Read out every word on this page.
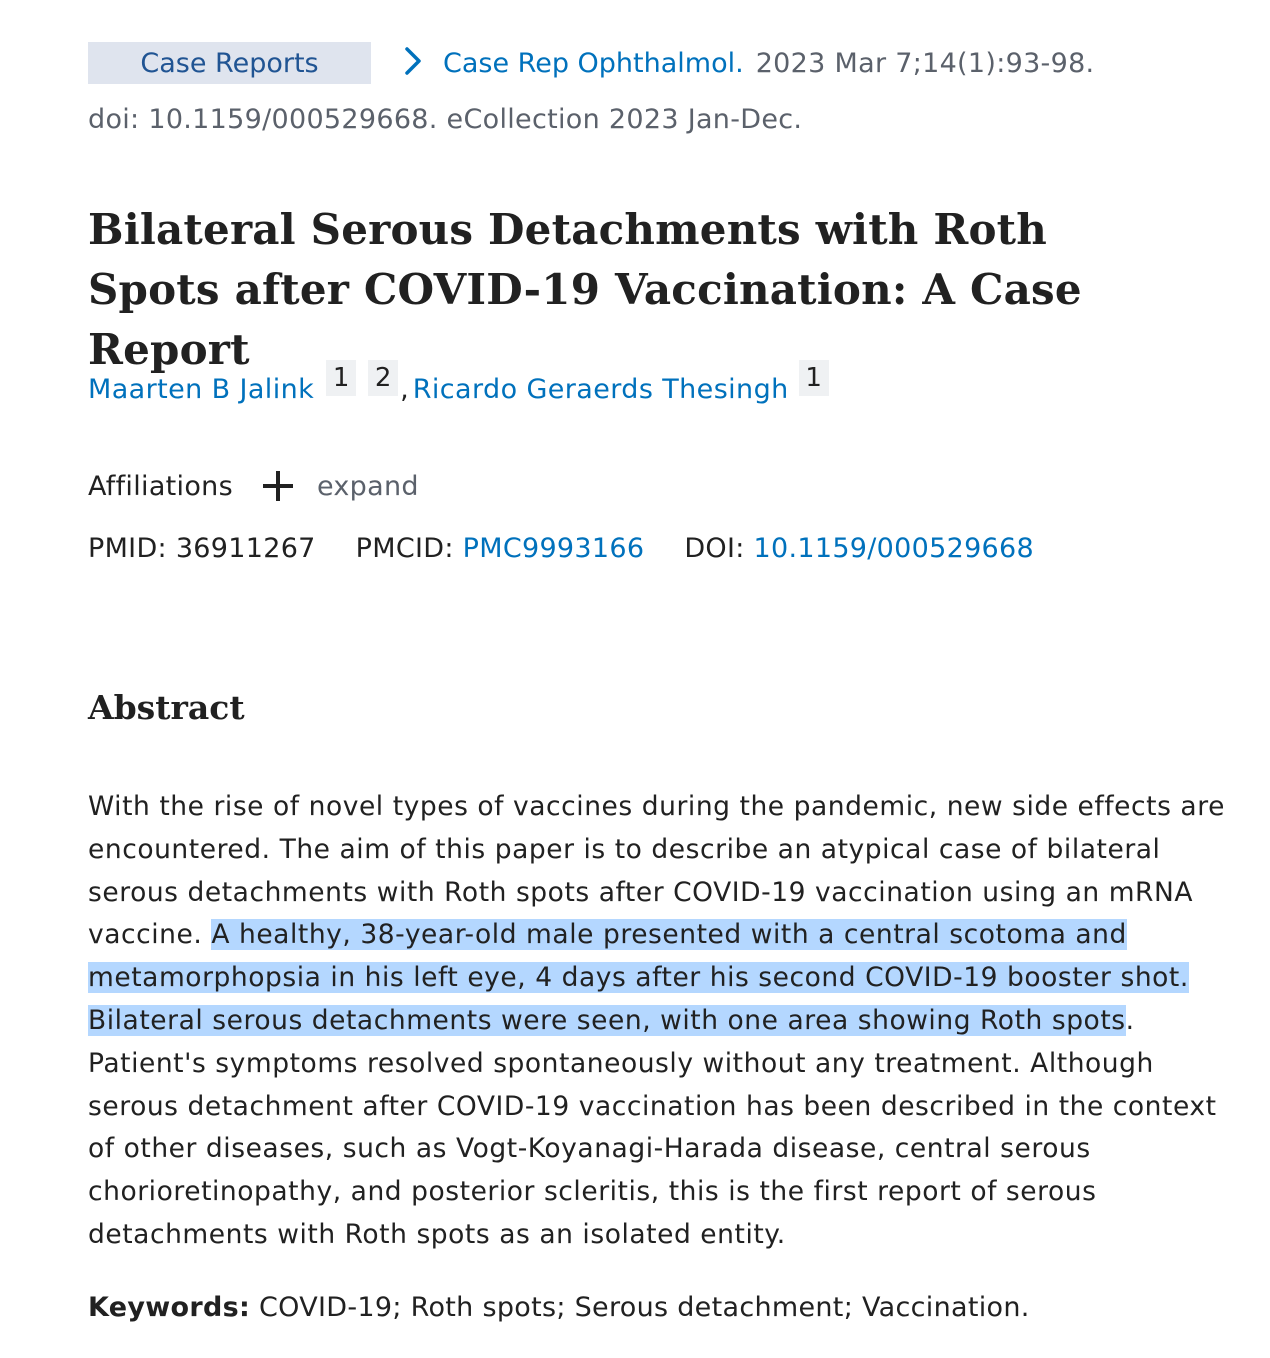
Case Reports	Case Rep Ophthalmol. 2023 Mar 7;14(1):93-98.
doi: 10.1159/000529668. eCollection 2023 Jan-Dec.
Bilateral Serous Detachments with Roth Spots after COVID-19 Vaccination: A Case Report
Maarten B Jalink 1 2 , Ricardo Geraerds Thesingh 1
Affiliations	expand
PMID: 36911267 PMCID: PMC9993166 DOI: 10.1159/000529668
Abstract

With the rise of novel types of vaccines during the pandemic, new side effects are encountered. The aim of this paper is to describe an atypical case of bilateral serous detachments with Roth spots after COVID-19 vaccination using an mRNA vaccine. A healthy, 38-year-old male presented with a central scotoma and metamorphopsia in his left eye, 4 days after his second COVID-19 booster shot. Bilateral serous detachments were seen, with one area showing Roth spots. Patient's symptoms resolved spontaneously without any treatment. Although serous detachment after COVID-19 vaccination has been described in the context of other diseases, such as Vogt-Koyanagi-Harada disease, central serous chorioretinopathy, and posterior scleritis, this is the first report of serous detachments with Roth spots as an isolated entity.

Keywords: COVID-19; Roth spots; Serous detachment; Vaccination.
